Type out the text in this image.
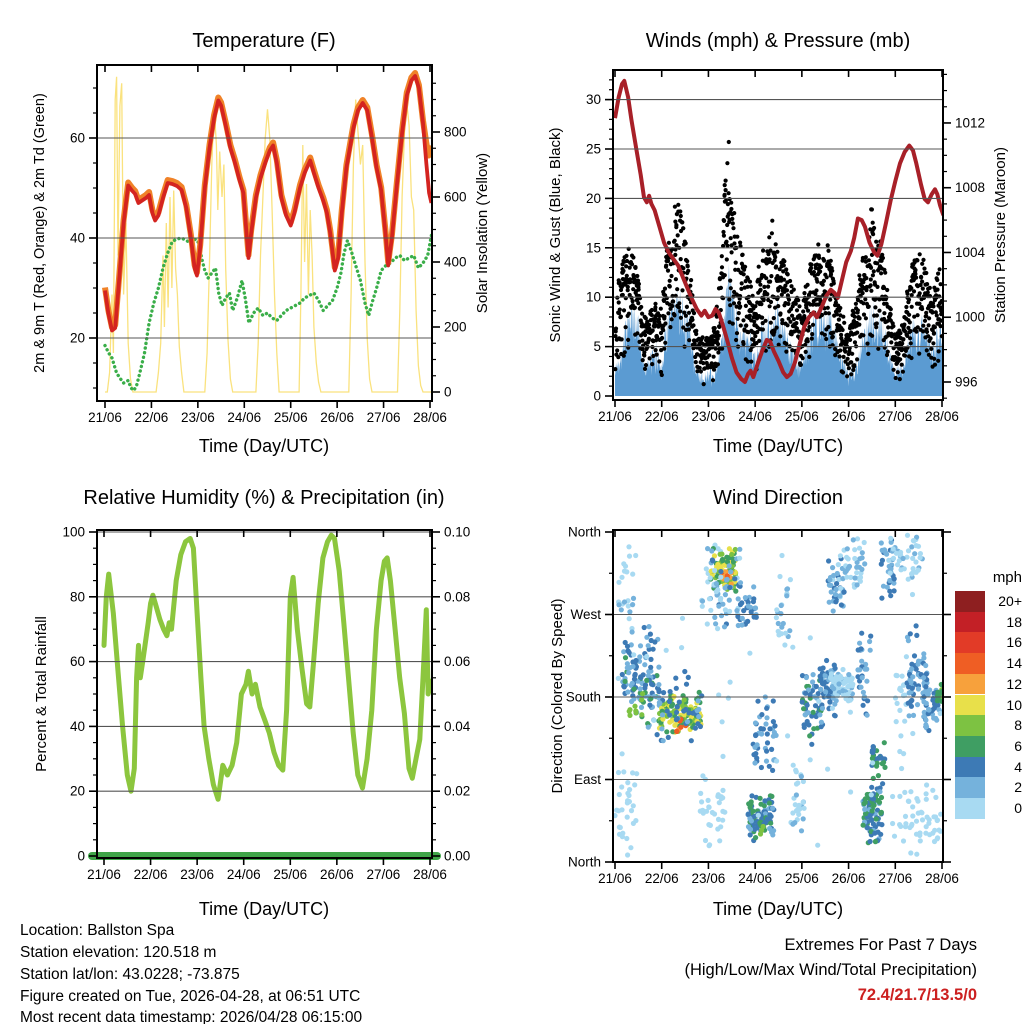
21/06 22/06 23/06 24/06 25/06 26/06 27/06 28/06
20
40
60
0
200
400
600
800
21/06 22/06 23/06 24/06 25/06 26/06 27/06 28/06
0
5
10
15
20
25
30
996
1000
1004
1008
1012
21/06 22/06 23/06 24/06 25/06 26/06 27/06 28/06
0
20
40
60
80
100
0.00
0.02
0.04
0.06
0.08
0.10
21/06 22/06 23/06 24/06 25/06 26/06 27/06 28/06
North
West
South
East
North
Temperature (F)	Winds (mph) & Pressure (mb)
Relative Humidity (%) & Precipitation (in)	Wind Direction
Time (Day/UTC)	Time (Day/UTC)
Time (Day/UTC)	Time (Day/UTC)
2m & 9m T (Red, Orange) & 2m Td (Green)	Solar Insolation (Yellow)	Sonic Wind & Gust (Blue, Black)	Station Pressure (Maroon)
Percent & Total Rainfall	Direction (Colored By Speed)
mph
20+
18
16
14
12
10
8
6
4
2
0
Location: Ballston Spa
Station elevation: 120.518 m
Station lat/lon: 43.0228; -73.875
Figure created on Tue, 2026-04-28, at 06:51 UTC
Most recent data timestamp: 2026/04/28 06:15:00
Extremes For Past 7 Days
(High/Low/Max Wind/Total Precipitation)
72.4/21.7/13.5/0
